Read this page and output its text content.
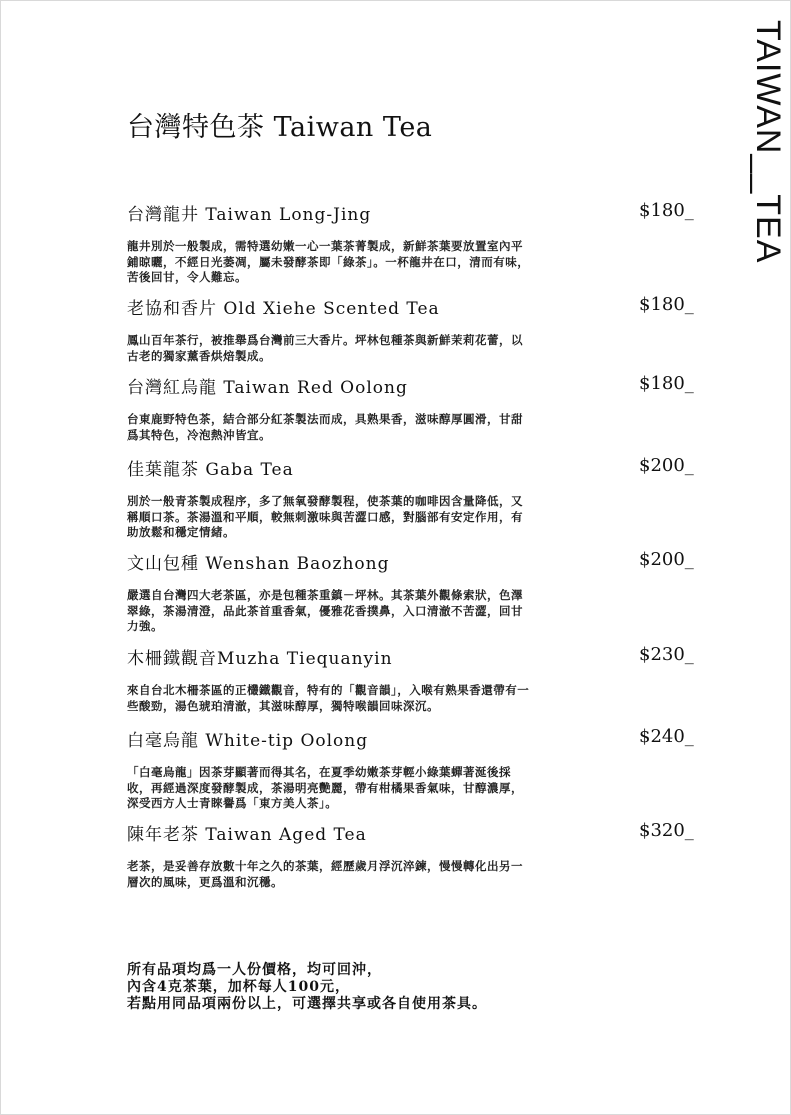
TAIWAN__TEA
台灣特色茶 Taiwan Tea
台灣龍井 Taiwan Long-Jing	$180_
龍井別於一般製成，需特選幼嫩一心一葉茶菁製成，新鮮茶葉要放置室內平鋪晾曬，不經日光萎凋，屬未發酵茶即「綠茶」。一杯龍井在口，清而有味，苦後回甘，令人難忘。
老協和香片 Old Xiehe Scented Tea	$180_
鳳山百年茶行，被推舉爲台灣前三大香片。坪林包種茶與新鮮茉莉花蕾，以古老的獨家薰香烘焙製成。
台灣紅烏龍 Taiwan Red Oolong	$180_
台東鹿野特色茶，結合部分紅茶製法而成，具熟果香，滋味醇厚圓滑，甘甜爲其特色，冷泡熱沖皆宜。
佳葉龍茶 Gaba Tea	$200_
別於一般青茶製成程序，多了無氧發酵製程，使茶葉的咖啡因含量降低，又稱順口茶。茶湯溫和平順，較無刺激味與苦澀口感，對腦部有安定作用，有助放鬆和穩定情緒。
文山包種 Wenshan Baozhong	$200_
嚴選自台灣四大老茶區，亦是包種茶重鎮－坪林。其茶葉外觀條索狀，色澤翠綠，茶湯清澄，品此茶首重香氣，優雅花香撲鼻，入口清澈不苦澀，回甘力強。
木柵鐵觀音Muzha Tiequanyin	$230_
來自台北木柵茶區的正欉鐵觀音，特有的「觀音韻」，入喉有熟果香還帶有一些酸勁，湯色琥珀清澈，其滋味醇厚，獨特喉韻回味深沉。
白毫烏龍 White-tip Oolong	$240_
「白毫烏龍」因茶芽顯著而得其名，在夏季幼嫩茶芽輕小綠葉蟬著涎後採收，再經過深度發酵製成，茶湯明亮艷麗，帶有柑橘果香氣味，甘醇濃厚，深受西方人士青睞譽爲「東方美人茶」。
陳年老茶 Taiwan Aged Tea	$320_
老茶，是妥善存放數十年之久的茶葉，經歷歲月浮沉淬鍊，慢慢轉化出另一層次的風味，更爲溫和沉穩。
所有品項均爲一人份價格，均可回沖，
內含4克茶葉，加杯每人100元，
若點用同品項兩份以上，可選擇共享或各自使用茶具。
